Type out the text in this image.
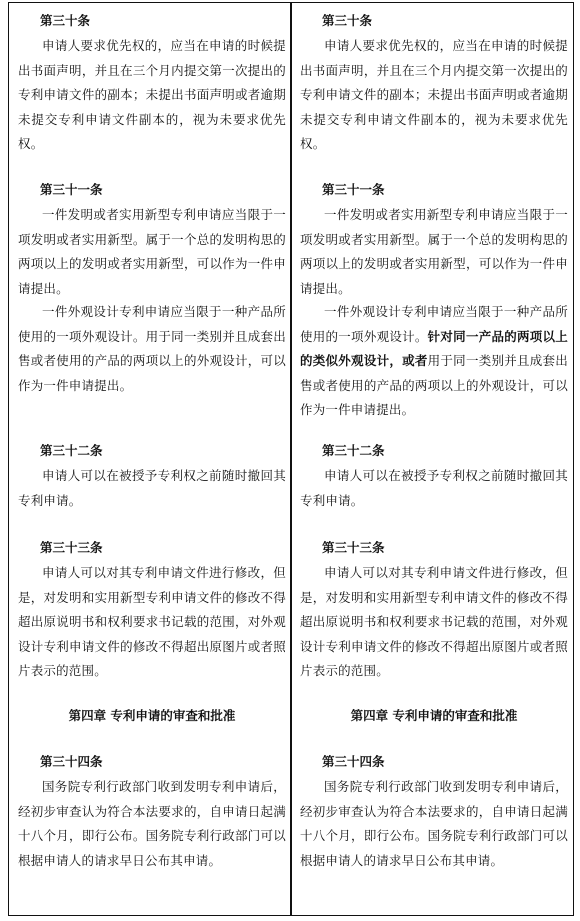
第三十条

申请人要求优先权的，应当在申请的时候提出书面声明，并且在三个月内提交第一次提出的专利申请文件的副本；未提出书面声明或者逾期未提交专利申请文件副本的，视为未要求优先权。

第三十一条

一件发明或者实用新型专利申请应当限于一项发明或者实用新型。属于一个总的发明构思的两项以上的发明或者实用新型，可以作为一件申请提出。

一件外观设计专利申请应当限于一种产品所使用的一项外观设计。用于同一类别并且成套出售或者使用的产品的两项以上的外观设计，可以作为一件申请提出。

第三十二条

申请人可以在被授予专利权之前随时撤回其专利申请。

第三十三条

申请人可以对其专利申请文件进行修改，但是，对发明和实用新型专利申请文件的修改不得超出原说明书和权利要求书记载的范围，对外观设计专利申请文件的修改不得超出原图片或者照片表示的范围。

第四章 专利申请的审查和批准

第三十四条

国务院专利行政部门收到发明专利申请后，经初步审查认为符合本法要求的，自申请日起满十八个月，即行公布。国务院专利行政部门可以根据申请人的请求早日公布其申请。

第三十条

申请人要求优先权的，应当在申请的时候提出书面声明，并且在三个月内提交第一次提出的专利申请文件的副本；未提出书面声明或者逾期未提交专利申请文件副本的，视为未要求优先权。

第三十一条

一件发明或者实用新型专利申请应当限于一项发明或者实用新型。属于一个总的发明构思的两项以上的发明或者实用新型，可以作为一件申请提出。

一件外观设计专利申请应当限于一种产品所使用的一项外观设计。针对同一产品的两项以上的类似外观设计，或者用于同一类别并且成套出售或者使用的产品的两项以上的外观设计，可以作为一件申请提出。

第三十二条

申请人可以在被授予专利权之前随时撤回其专利申请。

第三十三条

申请人可以对其专利申请文件进行修改，但是，对发明和实用新型专利申请文件的修改不得超出原说明书和权利要求书记载的范围，对外观设计专利申请文件的修改不得超出原图片或者照片表示的范围。

第四章 专利申请的审查和批准

第三十四条

国务院专利行政部门收到发明专利申请后，经初步审查认为符合本法要求的，自申请日起满十八个月，即行公布。国务院专利行政部门可以根据申请人的请求早日公布其申请。
